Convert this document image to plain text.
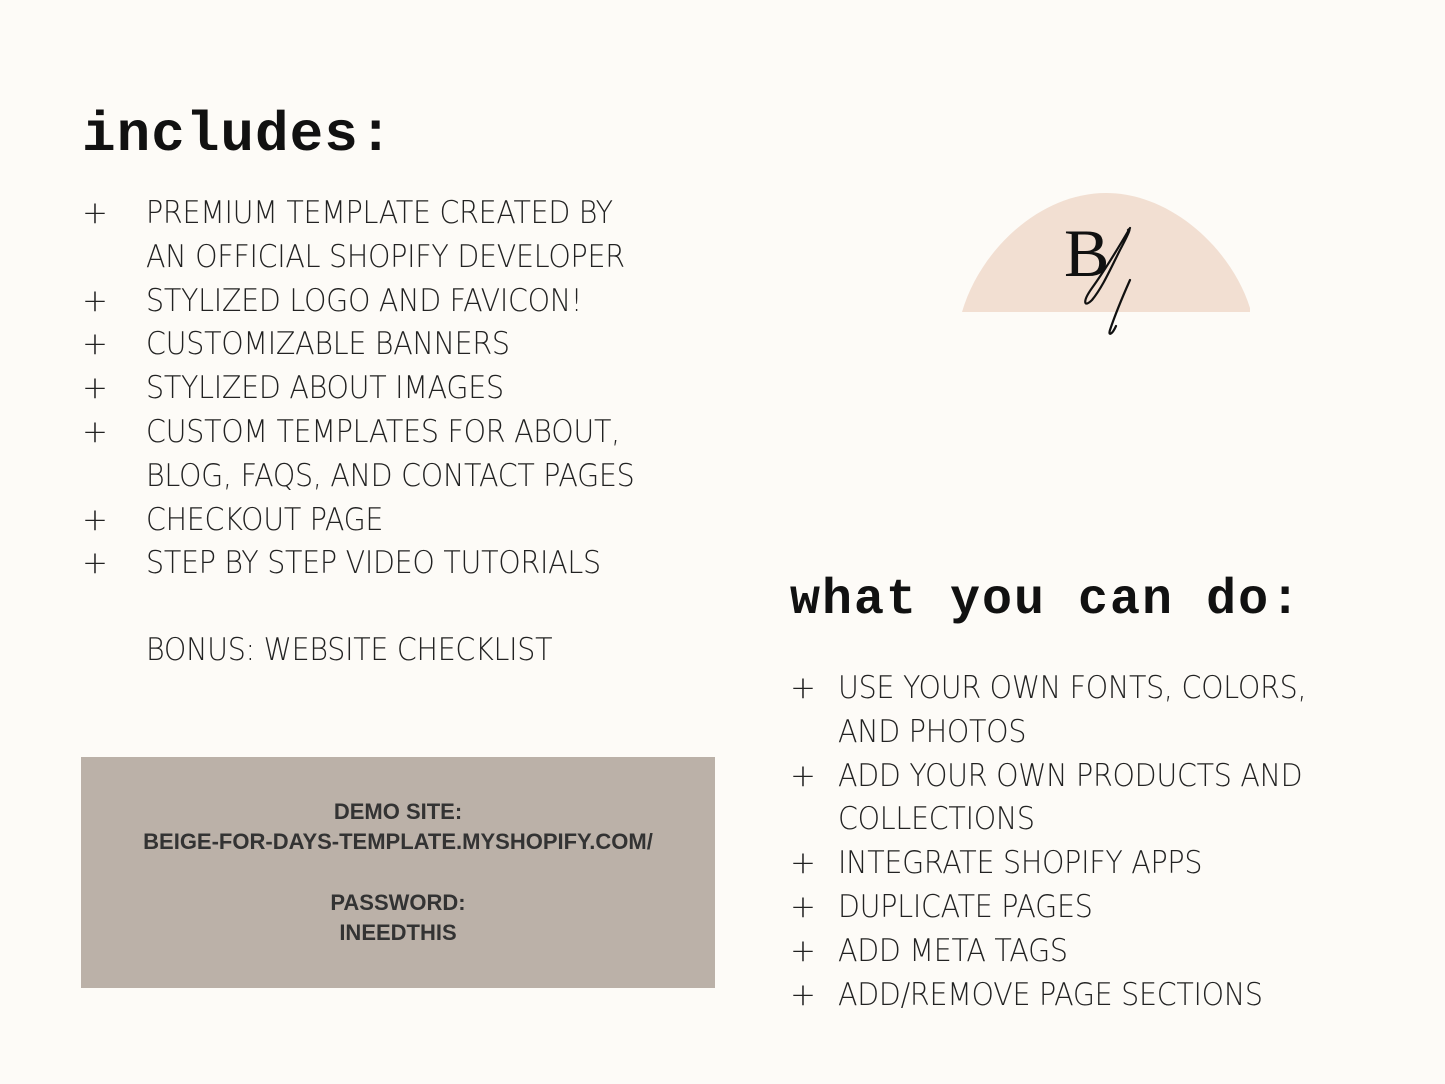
includes:
+ PREMIUM TEMPLATE CREATED BY
AN OFFICIAL SHOPIFY DEVELOPER
+ STYLIZED LOGO AND FAVICON!
+ CUSTOMIZABLE BANNERS
+ STYLIZED ABOUT IMAGES
+ CUSTOM TEMPLATES FOR ABOUT,
BLOG, FAQS, AND CONTACT PAGES
+ CHECKOUT PAGE
+ STEP BY STEP VIDEO TUTORIALS
BONUS: WEBSITE CHECKLIST
DEMO SITE:
BEIGE-FOR-DAYS-TEMPLATE.MYSHOPIFY.COM/
PASSWORD:
INEEDTHIS
B
what you can do:
+ USE YOUR OWN FONTS, COLORS,
AND PHOTOS
+ ADD YOUR OWN PRODUCTS AND
COLLECTIONS
+ INTEGRATE SHOPIFY APPS
+ DUPLICATE PAGES
+ ADD META TAGS
+ ADD/REMOVE PAGE SECTIONS
